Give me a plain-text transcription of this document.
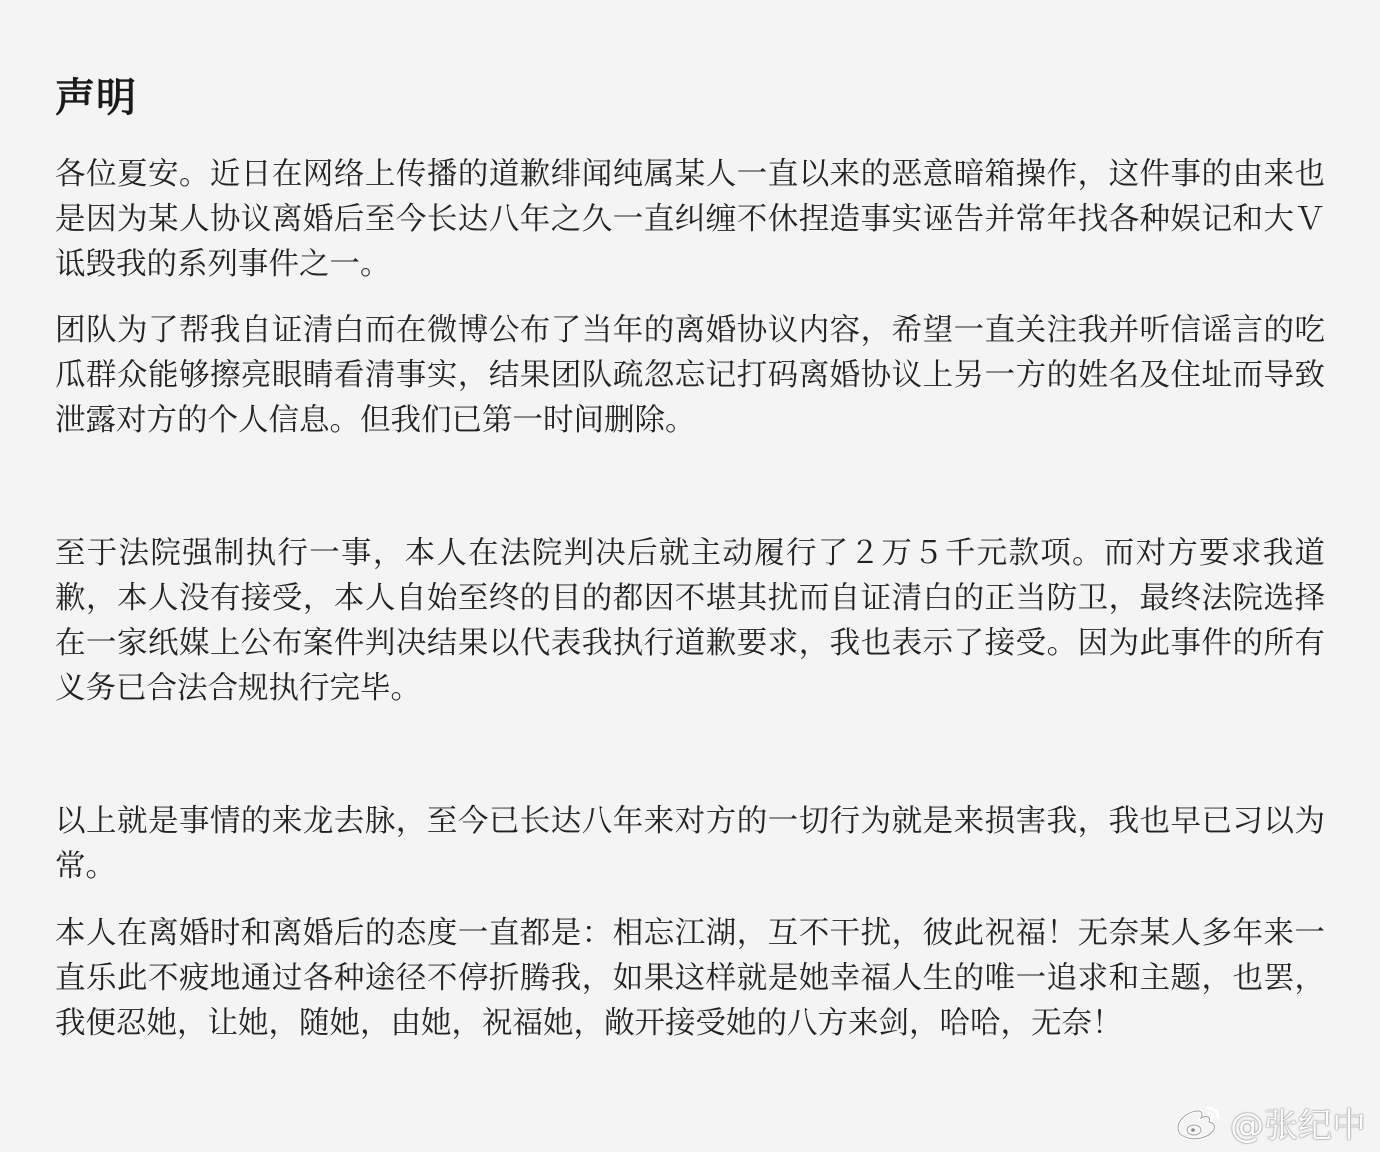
声明

各位夏安。近日在网络上传播的道歉绯闻纯属某人一直以来的恶意暗箱操作，这件事的由来也是因为某人协议离婚后至今长达八年之久一直纠缠不休捏造事实诬告并常年找各种娱记和大Ｖ诋毁我的系列事件之一。

团队为了帮我自证清白而在微博公布了当年的离婚协议内容，希望一直关注我并听信谣言的吃瓜群众能够擦亮眼睛看清事实，结果团队疏忽忘记打码离婚协议上另一方的姓名及住址而导致泄露对方的个人信息。但我们已第一时间删除。

至于法院强制执行一事，本人在法院判决后就主动履行了２万５千元款项。而对方要求我道歉，本人没有接受，本人自始至终的目的都因不堪其扰而自证清白的正当防卫，最终法院选择在一家纸媒上公布案件判决结果以代表我执行道歉要求，我也表示了接受。因为此事件的所有义务已合法合规执行完毕。

以上就是事情的来龙去脉，至今已长达八年来对方的一切行为就是来损害我，我也早已习以为常。

本人在离婚时和离婚后的态度一直都是：相忘江湖，互不干扰，彼此祝福！无奈某人多年来一直乐此不疲地通过各种途径不停折腾我，如果这样就是她幸福人生的唯一追求和主题，也罢，我便忍她，让她，随她，由她，祝福她，敞开接受她的八方来剑，哈哈，无奈！

@张纪中
